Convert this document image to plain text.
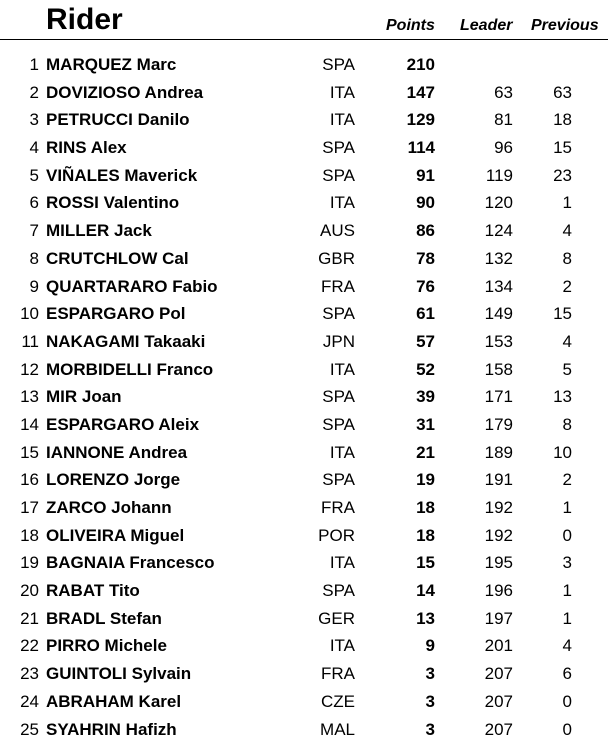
Rider	Points Leader Previous
1 MARQUEZ Marc	SPA	210
2 DOVIZIOSO Andrea	ITA	147	63	63
3 PETRUCCI Danilo	ITA	129	81	18
4 RINS Alex	SPA	114	96	15
5 VIÑALES Maverick	SPA	91	119	23
6 ROSSI Valentino	ITA	90	120	1
7 MILLER Jack	AUS	86	124	4
8 CRUTCHLOW Cal	GBR	78	132	8
9 QUARTARARO Fabio	FRA	76	134	2
10 ESPARGARO Pol	SPA	61	149	15
11 NAKAGAMI Takaaki	JPN	57	153	4
12 MORBIDELLI Franco	ITA	52	158	5
13 MIR Joan	SPA	39	171	13
14 ESPARGARO Aleix	SPA	31	179	8
15 IANNONE Andrea	ITA	21	189	10
16 LORENZO Jorge	SPA	19	191	2
17 ZARCO Johann	FRA	18	192	1
18 OLIVEIRA Miguel	POR	18	192	0
19 BAGNAIA Francesco	ITA	15	195	3
20 RABAT Tito	SPA	14	196	1
21 BRADL Stefan	GER	13	197	1
22 PIRRO Michele	ITA	9	201	4
23 GUINTOLI Sylvain	FRA	3	207	6
24 ABRAHAM Karel	CZE	3	207	0
25 SYAHRIN Hafizh	MAL	3	207	0
